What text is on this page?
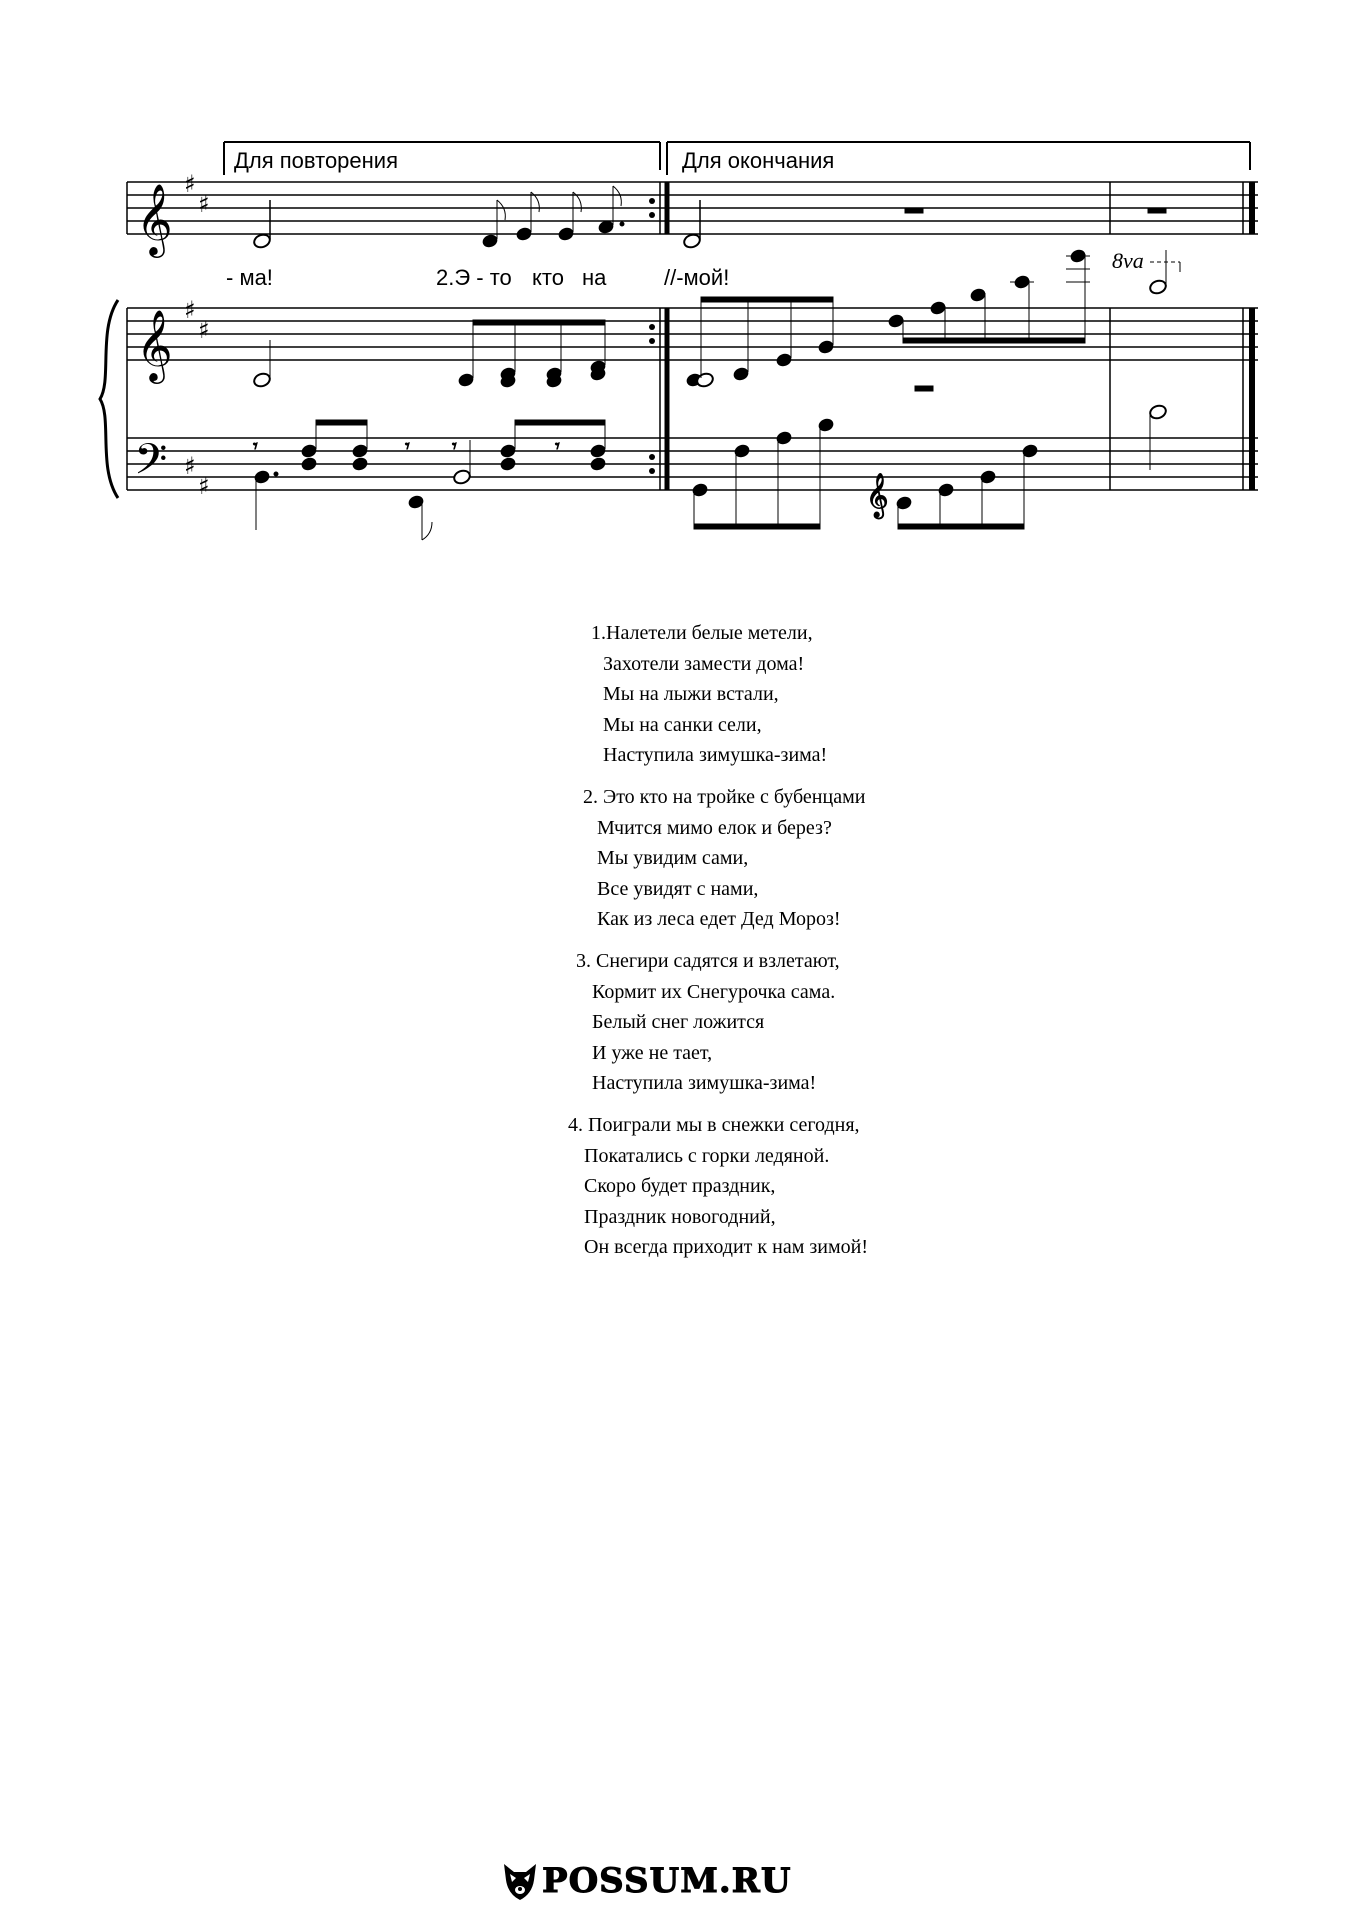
𝄞
𝄞
𝄢
♯
♯
♯
♯
♯
♯
- ма!	2.Э - то кто на	//-мой!
Для повторения	Для окончания
8va
𝄾	𝄾 𝄾	𝄾
𝄞

1.Налетели белые метели,

Захотели замести дома!

Мы на лыжи встали,

Мы на санки сели,

Наступила зимушка-зима!

2. Это кто на тройке с бубенцами

Мчится мимо елок и берез?

Мы увидим сами,

Все увидят с нами,

Как из леса едет Дед Мороз!

3. Снегири садятся и взлетают,

Кормит их Снегурочка сама.

Белый снег ложится

И уже не тает,

Наступила зимушка-зима!

4. Поиграли мы в снежки сегодня,

Покатались с горки ледяной.

Скоро будет праздник,

Праздник новогодний,

Он всегда приходит к нам зимой!

POSSUM.RU
